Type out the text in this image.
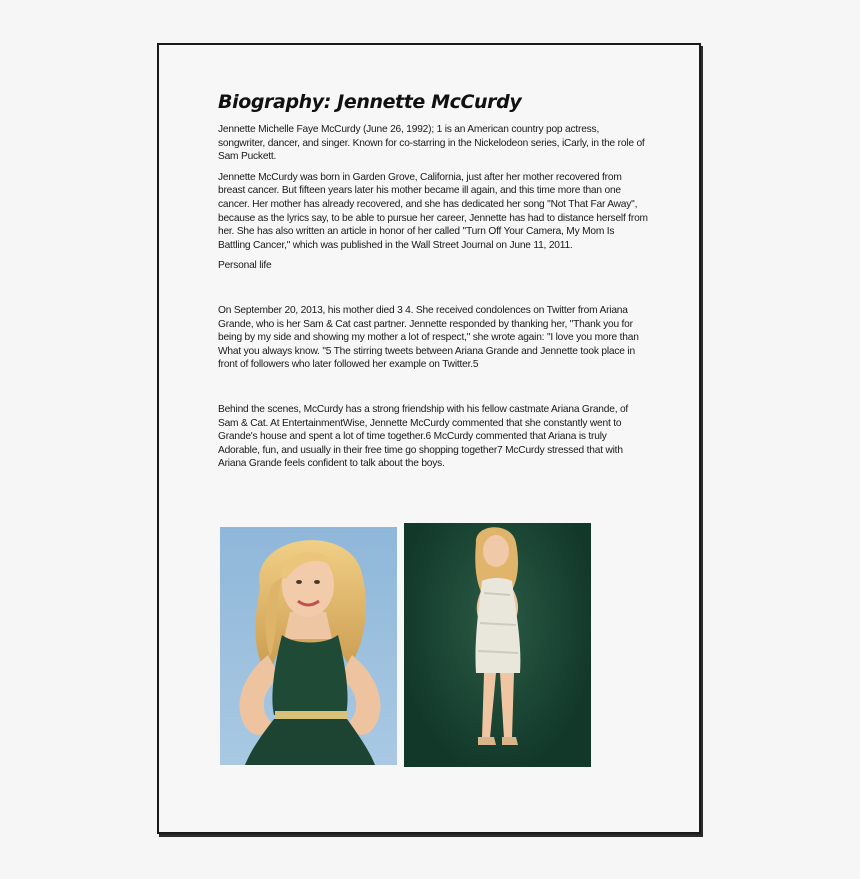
Biography: Jennette McCurdy

Jennette Michelle Faye McCurdy (June 26, 1992); 1 is an American country pop actress, songwriter, dancer, and singer. Known for co-starring in the Nickelodeon series, iCarly, in the role of Sam Puckett.

Jennette McCurdy was born in Garden Grove, California, just after her mother recovered from breast cancer. But fifteen years later his mother became ill again, and this time more than one cancer. Her mother has already recovered, and she has dedicated her song "Not That Far Away", because as the lyrics say, to be able to pursue her career, Jennette has had to distance herself from her. She has also written an article in honor of her called "Turn Off Your Camera, My Mom Is Battling Cancer," which was published in the Wall Street Journal on June 11, 2011.

Personal life

On September 20, 2013, his mother died 3 4. She received condolences on Twitter from Ariana Grande, who is her Sam & Cat cast partner. Jennette responded by thanking her, "Thank you for being by my side and showing my mother a lot of respect," she wrote again: "I love you more than What you always know. "5 The stirring tweets between Ariana Grande and Jennette took place in front of followers who later followed her example on Twitter.5

Behind the scenes, McCurdy has a strong friendship with his fellow castmate Ariana Grande, of Sam & Cat. At EntertainmentWise, Jennette McCurdy commented that she constantly went to Grande's house and spent a lot of time together.6 McCurdy commented that Ariana is truly Adorable, fun, and usually in their free time go shopping together7 McCurdy stressed that with Ariana Grande feels confident to talk about the boys.
